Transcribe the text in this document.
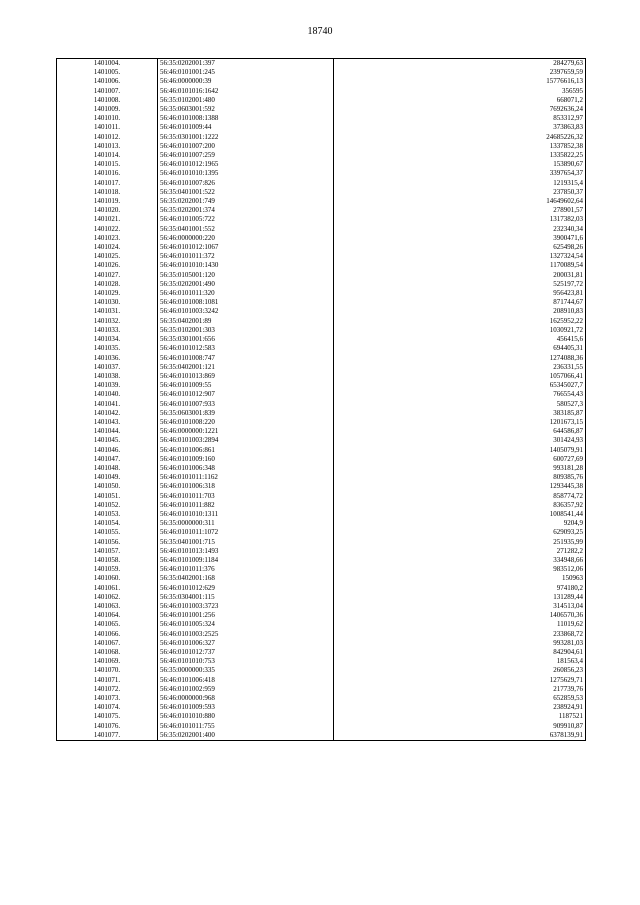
18740
1401004.	56:35:0202001:397	284279,63
1401005.	56:46:0101001:245	2397659,59
1401006.	56:46:0000000:39	15776616,13
1401007.	56:46:0101016:1642	356595
1401008.	56:35:0102001:480	668071,2
1401009.	56:35:0603001:592	7692636,24
1401010.	56:46:0101008:1388	853312,97
1401011.	56:46:0101009:44	373863,83
1401012.	56:35:0301001:1222	24685226,32
1401013.	56:46:0101007:200	1337852,38
1401014.	56:46:0101007:259	1335822,25
1401015.	56:46:0101012:1965	153890,67
1401016.	56:46:0101010:1395	3397654,37
1401017.	56:46:0101007:826	1219315,4
1401018.	56:35:0401001:522	237850,37
1401019.	56:35:0202001:749	14649602,64
1401020.	56:35:0202001:374	278901,57
1401021.	56:46:0101005:722	1317382,03
1401022.	56:35:0401001:552	232340,34
1401023.	56:46:0000000:220	3900471,6
1401024.	56:46:0101012:1067	625498,26
1401025.	56:46:0101011:372	1327324,54
1401026.	56:46:0101010:1430	1170089,54
1401027.	56:35:0105001:120	200031,81
1401028.	56:35:0202001:490	525197,72
1401029.	56:46:0101011:320	956423,81
1401030.	56:46:0101008:1081	871744,67
1401031.	56:46:0101003:3242	208910,83
1401032.	56:35:0402001:89	1625952,22
1401033.	56:35:0102001:303	1030921,72
1401034.	56:35:0301001:656	456415,6
1401035.	56:46:0101012:583	694405,31
1401036.	56:46:0101008:747	1274088,36
1401037.	56:35:0402001:121	236331,55
1401038.	56:46:0101013:869	1057066,41
1401039.	56:46:0101009:55	65345027,7
1401040.	56:46:0101012:907	766554,43
1401041.	56:46:0101007:933	580527,3
1401042.	56:35:0603001:839	383185,87
1401043.	56:46:0101008:220	1201673,15
1401044.	56:46:0000000:1221	644586,87
1401045.	56:46:0101003:2894	301424,93
1401046.	56:46:0101006:861	1405079,91
1401047.	56:46:0101009:160	600727,69
1401048.	56:46:0101006:348	993181,28
1401049.	56:46:0101011:1162	809385,76
1401050.	56:46:0101006:318	1293445,38
1401051.	56:46:0101011:703	858774,72
1401052.	56:46:0101011:882	836357,92
1401053.	56:46:0101010:1311	1008541,44
1401054.	56:35:0000000:311	9204,9
1401055.	56:46:0101011:1072	629093,25
1401056.	56:35:0401001:715	251935,99
1401057.	56:46:0101013:1493	271282,2
1401058.	56:46:0101009:1184	334948,66
1401059.	56:46:0101011:376	983512,06
1401060.	56:35:0402001:168	150963
1401061.	56:46:0101012:629	974180,2
1401062.	56:35:0304001:115	131289,44
1401063.	56:46:0101003:3723	314513,04
1401064.	56:46:0101001:256	1406570,36
1401065.	56:46:0101005:324	11019,62
1401066.	56:46:0101003:2525	233868,72
1401067.	56:46:0101006:327	993281,03
1401068.	56:46:0101012:737	842904,61
1401069.	56:46:0101010:753	181563,4
1401070.	56:35:0000000:335	260856,23
1401071.	56:46:0101006:418	1275629,71
1401072.	56:46:0101002:959	217739,76
1401073.	56:46:0000000:968	652859,53
1401074.	56:46:0101009:593	238924,91
1401075.	56:46:0101010:880	1187521
1401076.	56:46:0101011:755	909910,87
1401077.	56:35:0202001:400	6378139,91
